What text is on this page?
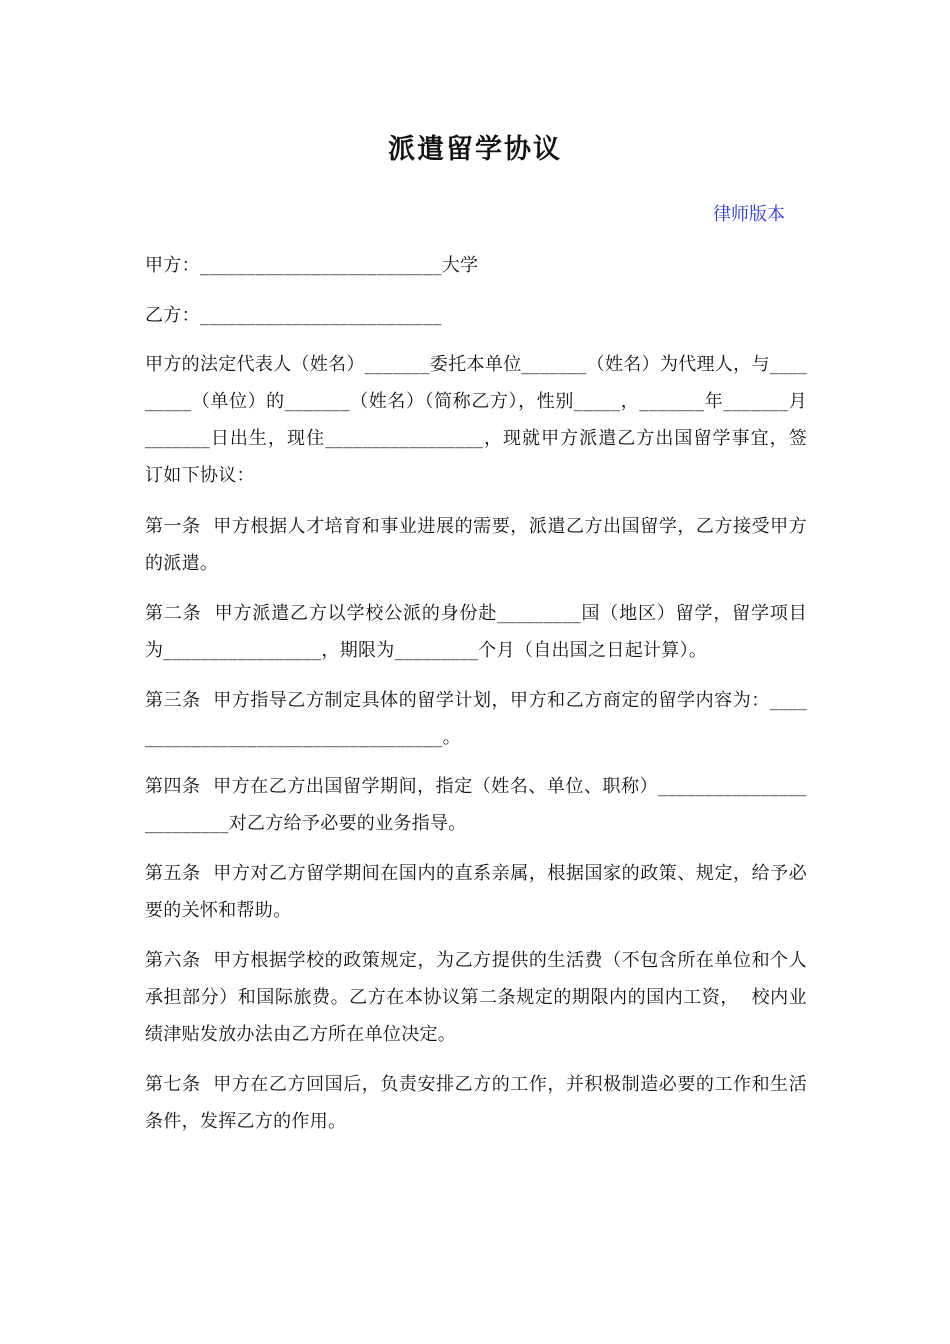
派遣留学协议
律师版本
甲方：__________________________大学
乙方：__________________________
甲方的法定代表人（姓名）_______委托本单位_______（姓名）为代理人，与_________（单位）的_______（姓名）（简称乙方），性别_____，_______年_______月_______日出生，现住_________________，现就甲方派遣乙方出国留学事宜，签订如下协议：
第一条  甲方根据人才培育和事业进展的需要，派遣乙方出国留学，乙方接受甲方的派遣。
第二条  甲方派遣乙方以学校公派的身份赴_________国（地区）留学，留学项目为_________________，期限为_________个月（自出国之日起计算）。
第三条  甲方指导乙方制定具体的留学计划，甲方和乙方商定的留学内容为：____________________________________。
第四条  甲方在乙方出国留学期间，指定（姓名、单位、职称）_________________________对乙方给予必要的业务指导。
第五条  甲方对乙方留学期间在国内的直系亲属，根据国家的政策、规定，给予必要的关怀和帮助。
第六条  甲方根据学校的政策规定，为乙方提供的生活费（不包含所在单位和个人承担部分）和国际旅费。乙方在本协议第二条规定的期限内的国内工资，  校内业绩津贴发放办法由乙方所在单位决定。
第七条  甲方在乙方回国后，负责安排乙方的工作，并积极制造必要的工作和生活条件，发挥乙方的作用。
